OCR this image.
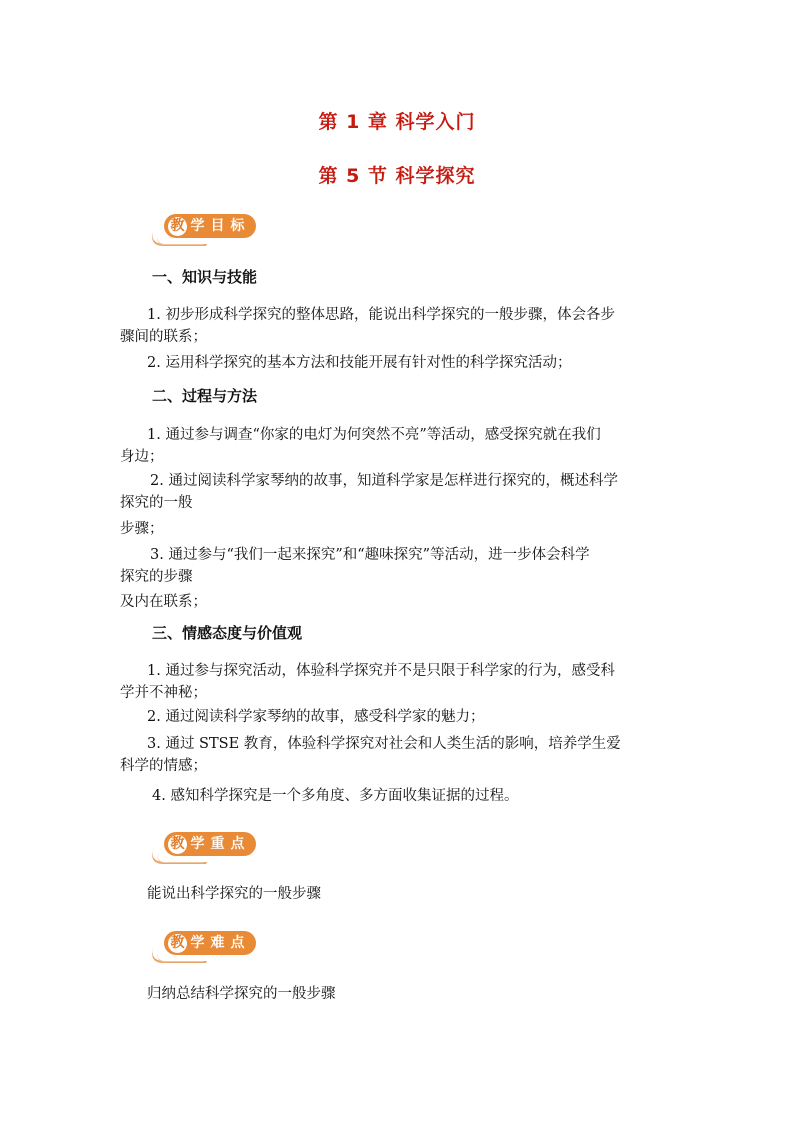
第 1 章 科学入门
第 5 节 科学探究
教 学 目 标
一、知识与技能
1. 初步形成科学探究的整体思路，能说出科学探究的一般步骤，体会各步
骤间的联系；
2. 运用科学探究的基本方法和技能开展有针对性的科学探究活动；
二、过程与方法
1. 通过参与调查“你家的电灯为何突然不亮”等活动，感受探究就在我们
身边；
2. 通过阅读科学家琴纳的故事，知道科学家是怎样进行探究的，概述科学
探究的一般
步骤；
3. 通过参与“我们一起来探究”和“趣味探究”等活动，进一步体会科学
探究的步骤
及内在联系；
三、情感态度与价值观
1. 通过参与探究活动，体验科学探究并不是只限于科学家的行为，感受科
学并不神秘；
2. 通过阅读科学家琴纳的故事，感受科学家的魅力；
3. 通过 STSE 教育，体验科学探究对社会和人类生活的影响，培养学生爱
科学的情感；
4. 感知科学探究是一个多角度、多方面收集证据的过程。
教 学 重 点
能说出科学探究的一般步骤
教 学 难 点
归纳总结科学探究的一般步骤
